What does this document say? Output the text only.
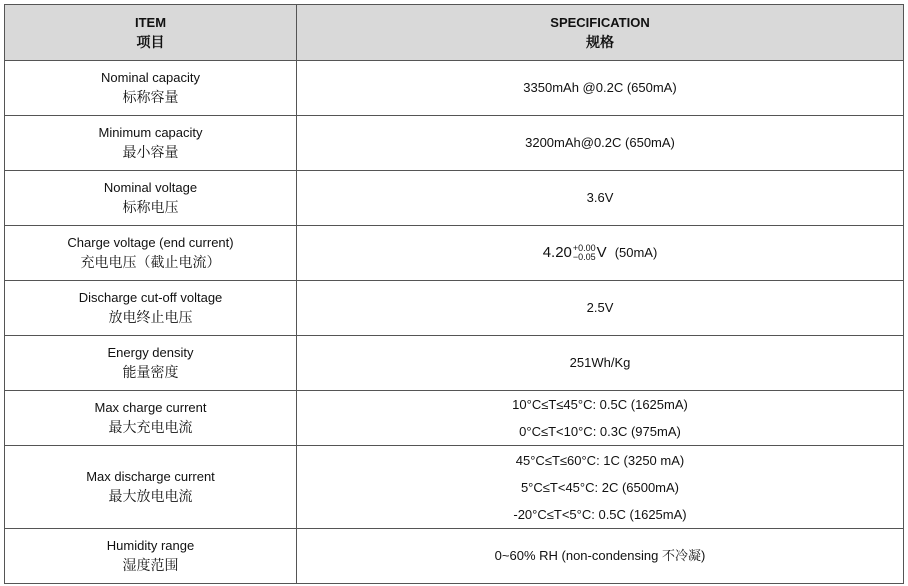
ITEM
项目	SPECIFICATION
规格

Nominal capacity
标称容量	3350mAh @0.2C (650mA)

Minimum capacity
最小容量	3200mAh@0.2C (650mA)

Nominal voltage
标称电压	3.6V

Charge voltage (end current)
充电电压（截止电流）	4.20 +0.00
−0.05 V (50mA)

Discharge cut-off voltage
放电终止电压	2.5V

Energy density
能量密度	251Wh/Kg

Max charge current
最大充电电流	10°C≤T≤45°C: 0.5C (1625mA)
0°C≤T<10°C: 0.3C (975mA)

Max discharge current
最大放电电流	45°C≤T≤60°C: 1C (3250 mA)
5°C≤T<45°C: 2C (6500mA)
-20°C≤T<5°C: 0.5C (1625mA)

Humidity range
湿度范围	0~60% RH (non-condensing 不冷凝)
